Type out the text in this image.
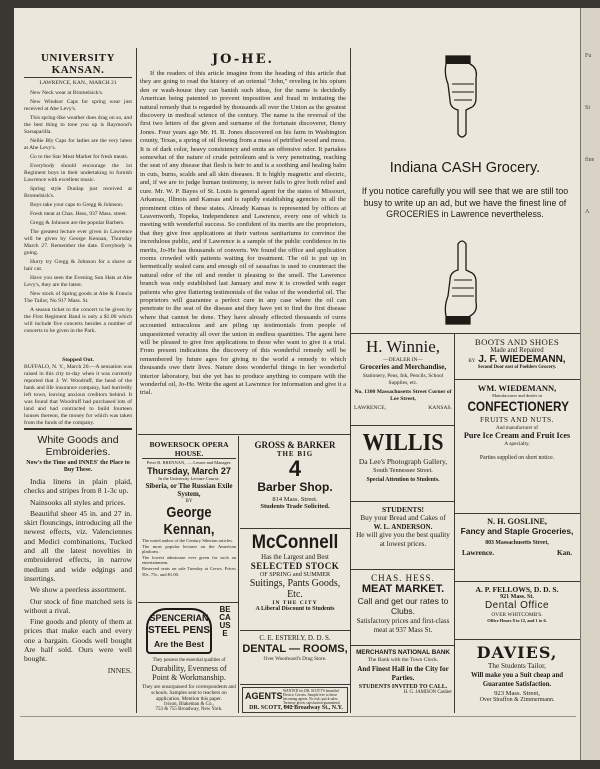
UNIVERSITY KANSAN.
LAWRENCE, KAN., MARCH 21

New Neck wear at Bromelsick's.

New Windsor Caps for spring wear just received at Abe Levy's.

This spring-like weather does drag on so, and the best thing to tone you up is Raymond's Sarsaparilla.

Nellie Bly Caps for ladies are the very latest at Abe Levy's.

Go to the Star Meat Market for fresh meats.

Everybody should encourage the 1st Regiment boys in their undertaking to furnish Lawrence with excellent music.

Spring style Dunlap just received at Bromelsick's.

Boys take your caps to Gregg & Johnson.

Fresh meat at Chas. Hess, 937 Mass. street.

Gregg & Johnson are the popular Barbers.

The greatest lecture ever given in Lawrence will be given by George Kennan, Thursday March 27. Remember the date. Everybody is going.

Hurry try Gregg & Johnson for a shave or hair cut.

Have you seen the Evening Sun Hats at Abe Levy's, they are the latest.

New stock of Spring goods at Abe & Francis The Tailor, No 917 Mass. St.

A season ticket to the concert to be given by the First Regiment Band is only a $1.00 which will include five concerts besides a number of concerts to be given in the Park.

Stopped Out.
BUFFALO, N. Y., March 20.—A sensation was raised in this city to-day when it was currently reported that J. W. Woodruff, the head of the bank and life insurance company, had hurriedly left town, leaving anxious creditors behind. It was found that Woodruff had purchased lots of land and had contracted to build fourteen houses thereon, the money for which was taken from the funds of the company.
White Goods and Embroideries.
Now's the Time and INNES' the Place to Buy These.

India linens in plain plaid, checks and stripes from 8 1-3c up.

Nainsooks all styles and prices.

Beautiful sheer 45 in. and 27 in. skirt flouncings, introducing all the newest effects, viz. Valenciennes and Medici combinations, Tucked and all the latest novelties in embroidered effects, in narrow medium and wide edgings and insertings.

We show a peerless assortment.

Our stock of fine matched sets is without a rival.

Fine goods and plenty of them at prices that make each and every one a bargain. Goods well bought Are half sold. Ours were well bought.

INNES.
JO-HE.
If the readers of this article imagine from the heading of this article that they are going to read the history of an oriental "John," reveling in his opium den or wash-house they can banish such ideas, for the name is decidedly American being patented to prevent imposition and fraud in imitating the natural remedy that is regarded by thousands all over the Union as the greatest discovery in medical science of the century. The name is the reversal of the first two letters of the given and surname of the fortunate discoverer, Henry Jones. Four years ago Mr. H. B. Jones discovered on his farm in Washington county, Texas, a spring of oil flowing from a mass of petrified wood and moss. It is of dark color, heavy consistency and emits an offensive odor. It partakes somewhat of the nature of crude petroleum and is very penetrating, reaching the seat of any disease that flesh is heir to and is a soothing and healing balm in cuts, burns, scalds and all skin diseases. It is highly magnetic and electric, and, if we are to judge human testimony, is never fails to give both relief and cure. Mr. W. P. Bayes of St. Louis is general agent for the states of Missouri, Arkansas, Illinois and Kansas and is rapidly establishing agencies in all the prominent cities of these states. Already Kansas is represented by offices at Leavenworth, Topeka, Independence and Lawrence, every one of which is meeting with wonderful success. So confident of its merits are the proprietors, that they give free applications at their various sanitariums to convince the incredulous public, and if Lawrence is a sample of the public confidence in its merits, Jo-He has thousands of converts. We found the office and application rooms crowded with patients waiting for treatment. The oil is put up in hermetically sealed cans and enough oil of sassafras is used to counteract the natural odor of the oil and render it pleasing to the smell. The Lawrence branch was only established last January and now it is crowded with eager patients who give flattering testimonials of the value of the wonderful oil. The proprietors will guarantee a perfect cure in any case where the oil can penetrate to the seat of the disease and they have yet to find the first disease where that cannot be done. They have already effected thousands of cures accounted miraculous and are piling up testimonials from people of unquestioned veracity all over the union in endless quantities. The agent here will be pleased to give free applications to those who want to give it a trial. From present indications the discovery of this wonderful remedy will be remembered by future ages for giving to the world a remedy to which thousands owe their lives. Nature does wonderful things in her wonderful interior laboratory, but she yet has to produce anything to compare with the wonderful oil, Jo-He. Write the agent at Lawrence for information and give it a trial.
BOWERSOCK OPERA HOUSE.
Peter R. BRENNAN, ......Lessee and Manager.
Thursday, March 27
In the University Lecture Course.
Siberia, or The Russian Exile System,
BY
George Kennan,
The noted author of the Century Siberian articles.
The most popular lecturer on the American platform.
The lowest admission ever given for such an entertainment.
Reserved seats on sale Tuesday at Crews. Prices 50c, 75c, and $1.00.
SPENCERIAN
STEEL PENS
Are the Best
BECAUSE
They possess the essential qualities of
Durability, Evenness of Point & Workmanship.
They are unsurpassed for correspondents and schools. Samples sent to teachers on application. Mention this paper.
Ivison, Blakeman & Co.,
753 & 755 Broadway, New York.
GROSS & BARKER
THE BIG
4
Barber Shop.
814 Mass. Street.
Students Trade Solicited.
McConnell
Has the Largest and Best
SELECTED STOCK
OF SPRING and SUMMER
Suitings, Pants Goods, Etc.
IN THE CITY
A Liberal Discount to Students
C. E. ESTERLY, D. D. S.
DENTAL — ROOMS,
Over Woodward's Drug Store.
AGENTS WANTED for DR. SCOTT'S beautiful Electric Corsets. Sample free to those becoming agents. No risk, quick sales. Territory given, satisfaction guaranteed.
DR. SCOTT, 842 Broadway St., N.Y.
Indiana CASH Grocery.
If you notice carefully you will see that we are still too busy to write up an ad, but we have the finest line of GROCERIES in Lawrence nevertheless.
H. Winnie,
—DEALER IN—
Groceries and Merchandise,
Stationery, Pens, Ink, Pencils, School Supplies, etc.
No. 1300 Massachusetts Street Corner of Lee Street,
LAWRENCE,	KANSAS.
WILLIS
Da Lee's Photograph Gallery,
South Tennessee Street.
Special Attention to Students.
STUDENTS!
Buy your Bread and Cakes of
W. L. ANDERSON.
He will give you the best quality at lowest prices.
CHAS. HESS.
MEAT MARKET.
Call and get our rates to Clubs.
Satisfactory prices and first-class meat at 937 Mass St.
MERCHANTS NATIONAL BANK
The Bank with the Town Clock.
And Finest Hall in the City for Parties.
STUDENTS INVITED TO CALL.
H. G. JAMISON Cashier
BOOTS AND SHOES
Made and Repaired
BY J. F. WIEDEMANN,
Second Door east of Poehlers Grocery.
WM. WIEDEMANN,
Manufacturer and dealer in
CONFECTIONERY
FRUITS AND NUTS.
And manufacturer of
Pure Ice Cream and Fruit Ices
A specialty.
Parties supplied on short notice.
N. H. GOSLINE,
Fancy and Staple Groceries,
803 Massachusetts Street,
Lawrence.	Kan.
A. P. FELLOWS, D. D. S.
921 Mass. St.
Dental Office
OVER WHITCOMB'S.
Office Hours 8 to 12, and 1 to 6.
DAVIES,
The Students Tailor,
Will make you a Suit cheap and Guarantee Satisfaction.
923 Mass. Street,
Over Straffon & Zimmermann.
Fu
Si
fine
A
